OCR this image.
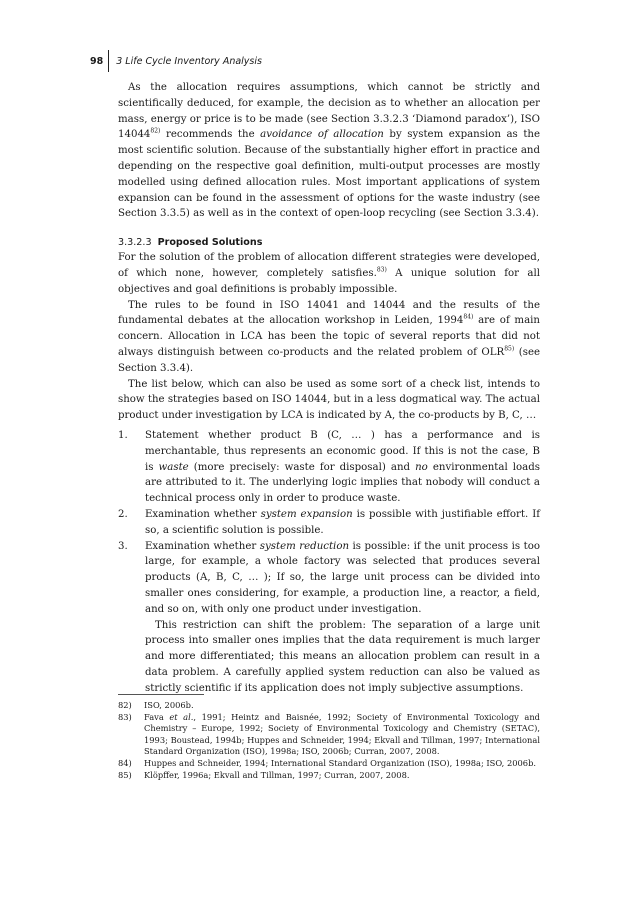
98	3 Life Cycle Inventory Analysis

As the allocation requires assumptions, which cannot be strictly and scientifically deduced, for example, the decision as to whether an allocation per mass, energy or price is to be made (see Section 3.3.2.3 ‘Diamond paradox’), ISO 14044$^{82)}$ recommends the avoidance of allocation by system expansion as the most scientific solution. Because of the substantially higher effort in practice and depending on the respective goal definition, multi-output processes are mostly modelled using defined allocation rules. Most important applications of system expansion can be found in the assessment of options for the waste industry (see Section 3.3.5) as well as in the context of open-loop recycling (see Section 3.3.4).

3.3.2.3 Proposed Solutions

For the solution of the problem of allocation different strategies were developed, of which none, however, completely satisfies.$^{83)}$ A unique solution for all objectives and goal definitions is probably impossible.

The rules to be found in ISO 14041 and 14044 and the results of the fundamental debates at the allocation workshop in Leiden, 1994$^{84)}$ are of main concern. Allocation in LCA has been the topic of several reports that did not always distinguish between co-products and the related problem of OLR$^{85)}$ (see Section 3.3.4).

The list below, which can also be used as some sort of a check list, intends to show the strategies based on ISO 14044, but in a less dogmatical way. The actual product under investigation by LCA is indicated by A, the co-products by B, C, …

1.	Statement whether product B (C, … ) has a performance and is merchantable, thus represents an economic good. If this is not the case, B is waste (more precisely: waste for disposal) and no environmental loads are attributed to it. The underlying logic implies that nobody will conduct a technical process only in order to produce waste.
2.	Examination whether system expansion is possible with justifiable effort. If so, a scientific solution is possible.
3.	Examination whether system reduction is possible: if the unit process is too large, for example, a whole factory was selected that produces several products (A, B, C, … ); If so, the large unit process can be divided into smaller ones considering, for example, a production line, a reactor, a field, and so on, with only one product under investigation.

This restriction can shift the problem: The separation of a large unit process into smaller ones implies that the data requirement is much larger and more differentiated; this means an allocation problem can result in a data problem. A carefully applied system reduction can also be valued as strictly scientific if its application does not imply subjective assumptions.

82)	ISO, 2006b.
83)	Fava et al., 1991; Heintz and Baisnée, 1992; Society of Environmental Toxicology and Chemistry – Europe, 1992; Society of Environmental Toxicology and Chemistry (SETAC), 1993; Boustead, 1994b; Huppes and Schneider, 1994; Ekvall and Tillman, 1997; International Standard Organization (ISO), 1998a; ISO, 2006b; Curran, 2007, 2008.
84)	Huppes and Schneider, 1994; International Standard Organization (ISO), 1998a; ISO, 2006b.
85)	Klöpffer, 1996a; Ekvall and Tillman, 1997; Curran, 2007, 2008.
